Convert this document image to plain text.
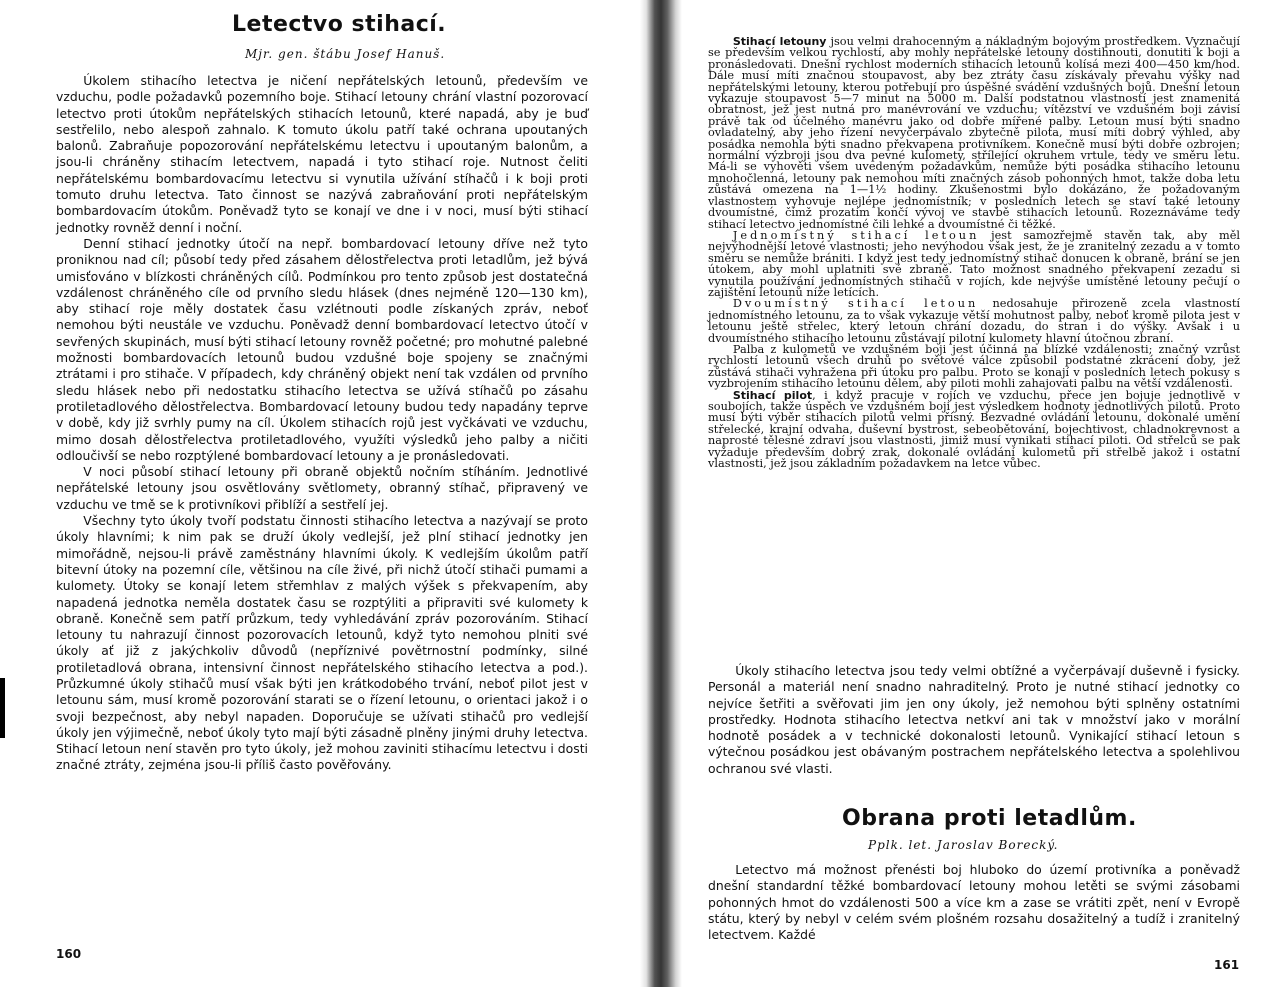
Letectvo stihací.
Mjr. gen. štábu Josef Hanuš.

Úkolem stihacího letectva je ničení nepřátelských letounů, především ve vzduchu, podle požadavků pozemního boje. Stihací letouny chrání vlastní pozorovací letectvo proti útokům nepřátelských stihacích letounů, které napadá, aby je buď sestřelilo, nebo alespoň zahnalo. K tomuto úkolu patří také ochrana upoutaných balonů. Zabraňuje popozorování nepřátelskému letectvu i upoutaným balonům, a jsou-li chráněny stihacím letectvem, napadá i tyto stihací roje. Nutnost čeliti nepřátelskému bombardovacímu letectvu si vynutila užívání stíhačů i k boji proti tomuto druhu letectva. Tato činnost se nazývá zabraňování proti nepřátelským bombardovacím útokům. Poněvadž tyto se konají ve dne i v noci, musí býti stihací jednotky rovněž denní i noční.

Denní stihací jednotky útočí na nepř. bombardovací letouny dříve než tyto proniknou nad cíl; působí tedy před zásahem dělostřelectva proti letadlům, jež bývá umisťováno v blízkosti chráněných cílů. Podmínkou pro tento způsob jest dostatečná vzdálenost chráněného cíle od prvního sledu hlásek (dnes nejméně 120—130 km), aby stihací roje měly dostatek času vzlétnouti podle získaných zpráv, neboť nemohou býti neustále ve vzduchu. Poněvadž denní bombardovací letectvo útočí v sevřených skupinách, musí býti stihací letouny rovněž početné; pro mohutné palebné možnosti bombardovacích letounů budou vzdušné boje spojeny se značnými ztrátami i pro stihače. V případech, kdy chráněný objekt není tak vzdálen od prvního sledu hlásek nebo při nedostatku stihacího letectva se užívá stíhačů po zásahu protiletadlového dělostřelectva. Bombardovací letouny budou tedy napadány teprve v době, kdy již svrhly pumy na cíl. Úkolem stihacích rojů jest vyčkávati ve vzduchu, mimo dosah dělostřelectva protiletadlového, využíti výsledků jeho palby a ničiti odloučivší se nebo rozptýlené bombardovací letouny a je pronásledovati.

V noci působí stihací letouny při obraně objektů nočním stíháním. Jednotlivé nepřátelské letouny jsou osvětlovány světlomety, obranný stíhač, připravený ve vzduchu ve tmě se k protivníkovi přiblíží a sestřelí jej.

Všechny tyto úkoly tvoří podstatu činnosti stihacího letectva a nazývají se proto úkoly hlavními; k nim pak se druží úkoly vedlejší, jež plní stihací jednotky jen mimořádně, nejsou-li právě zaměstnány hlavními úkoly. K vedlejším úkolům patří bitevní útoky na pozemní cíle, většinou na cíle živé, při nichž útočí stihači pumami a kulomety. Útoky se konají letem střemhlav z malých výšek s překvapením, aby napadená jednotka neměla dostatek času se rozptýliti a připraviti své kulomety k obraně. Konečně sem patří průzkum, tedy vyhledávání zpráv pozorováním. Stihací letouny tu nahrazují činnost pozorovacích letounů, když tyto nemohou plniti své úkoly ať již z jakýchkoliv důvodů (nepříznivé povětrnostní podmínky, silné protiletadlová obrana, intensivní činnost nepřátelského stihacího letectva a pod.). Průzkumné úkoly stihačů musí však býti jen krátkodobého trvání, neboť pilot jest v letounu sám, musí kromě pozorování starati se o řízení letounu, o orientaci jakož i o svoji bezpečnost, aby nebyl napaden. Doporučuje se užívati stihačů pro vedlejší úkoly jen výjimečně, neboť úkoly tyto mají býti zásadně plněny jinými druhy letectva. Stihací letoun není stavěn pro tyto úkoly, jež mohou zaviniti stihacímu letectvu i dosti značné ztráty, zejména jsou-li příliš často pověřovány.

160

Stihací letouny jsou velmi drahocenným a nákladným bojovým prostředkem. Vyznačují se především velkou rychlostí, aby mohly nepřátelské letouny dostihnouti, donutiti k boji a pronásledovati. Dnešní rychlost moderních stihacích letounů kolísá mezi 400—450 km/hod. Dále musí míti značnou stoupavost, aby bez ztráty času získávaly převahu výšky nad nepřátelskými letouny, kterou potřebují pro úspěšné svádění vzdušných bojů. Dnešní letoun vykazuje stoupavost 5—7 minut na 5000 m. Další podstatnou vlastností jest znamenitá obratnost, jež jest nutná pro manévrování ve vzduchu; vítězství ve vzdušném boji závisí právě tak od účelného manévru jako od dobře mířené palby. Letoun musí býti snadno ovladatelný, aby jeho řízení nevyčerpávalo zbytečně pilota, musí míti dobrý výhled, aby posádka nemohla býti snadno překvapena protivníkem. Konečně musí býti dobře ozbrojen; normální výzbroji jsou dva pevné kulomety, střílející okruhem vrtule, tedy ve směru letu. Má-li se vyhověti všem uvedeným požadavkům, nemůže býti posádka stihacího letounu mnohočlenná, letouny pak nemohou míti značných zásob pohonných hmot, takže doba letu zůstává omezena na 1—1½ hodiny. Zkušenostmi bylo dokázáno, že požadovaným vlastnostem vyhovuje nejlépe jednomístník; v posledních letech se staví také letouny dvoumístné, čímž prozatím končí vývoj ve stavbě stihacích letounů. Rozeznáváme tedy stihací letectvo jednomístné čili lehké a dvoumístné či těžké.

Jednomístný stihací letoun jest samozřejmě stavěn tak, aby měl nejvýhodnější letové vlastnosti; jeho nevýhodou však jest, že je zranitelný zezadu a v tomto směru se nemůže brániti. I když jest tedy jednomístný stihač donucen k obraně, brání se jen útokem, aby mohl uplatniti své zbraně. Tato možnost snadného překvapení zezadu si vynutila používání jednomístných stihačů v rojích, kde nejvýše umístěné letouny pečují o zajištění letounů níže letících.

Dvoumístný stihací letoun nedosahuje přirozeně zcela vlastností jednomístného letounu, za to však vykazuje větší mohutnost palby, neboť kromě pilota jest v letounu ještě střelec, který letoun chrání dozadu, do stran i do výšky. Avšak i u dvoumístného stihacího letounu zůstávají pilotní kulomety hlavní útočnou zbraní.

Palba z kulometů ve vzdušném boji jest účinná na blízké vzdálenosti; značný vzrůst rychlostí letounů všech druhů po světové válce způsobil podstatné zkrácení doby, jež zůstává stihači vyhražena při útoku pro palbu. Proto se konají v posledních letech pokusy s vyzbrojením stihacího letounu dělem, aby piloti mohli zahajovati palbu na větší vzdálenosti.

Stihací pilot, i když pracuje v rojích ve vzduchu, přece jen bojuje jednotlivě v soubojích, takže úspěch ve vzdušném boji jest výsledkem hodnoty jednotlivých pilotů. Proto musí býti výběr stihacích pilotů velmi přísný. Bezvadné ovládání letounu, dokonalé umění střelecké, krajní odvaha, duševní bystrost, sebeobětování, bojechtivost, chladnokrevnost a naprosté tělesné zdraví jsou vlastnosti, jimiž musí vynikati stihací piloti. Od střelců se pak vyžaduje především dobrý zrak, dokonalé ovládání kulometů při střelbě jakož i ostatní vlastnosti, jež jsou základním požadavkem na letce vůbec.

Úkoly stihacího letectva jsou tedy velmi obtížné a vyčerpávají duševně i fysicky. Personál a materiál není snadno nahraditelný. Proto je nutné stihací jednotky co nejvíce šetřiti a svěřovati jim jen ony úkoly, jež nemohou býti splněny ostatními prostředky. Hodnota stihacího letectva netkví ani tak v množství jako v morální hodnotě posádek a v technické dokonalosti letounů. Vynikající stihací letoun s výtečnou posádkou jest obávaným postrachem nepřátelského letectva a spolehlivou ochranou své vlasti.

Obrana proti letadlům.
Pplk. let. Jaroslav Borecký.

Letectvo má možnost přenésti boj hluboko do území protivníka a poněvadž dnešní standardní těžké bombardovací letouny mohou letěti se svými zásobami pohonných hmot do vzdálenosti 500 a více km a zase se vrátiti zpět, není v Evropě státu, který by nebyl v celém svém plošném rozsahu dosažitelný a tudíž i zranitelný letectvem. Každé

161
